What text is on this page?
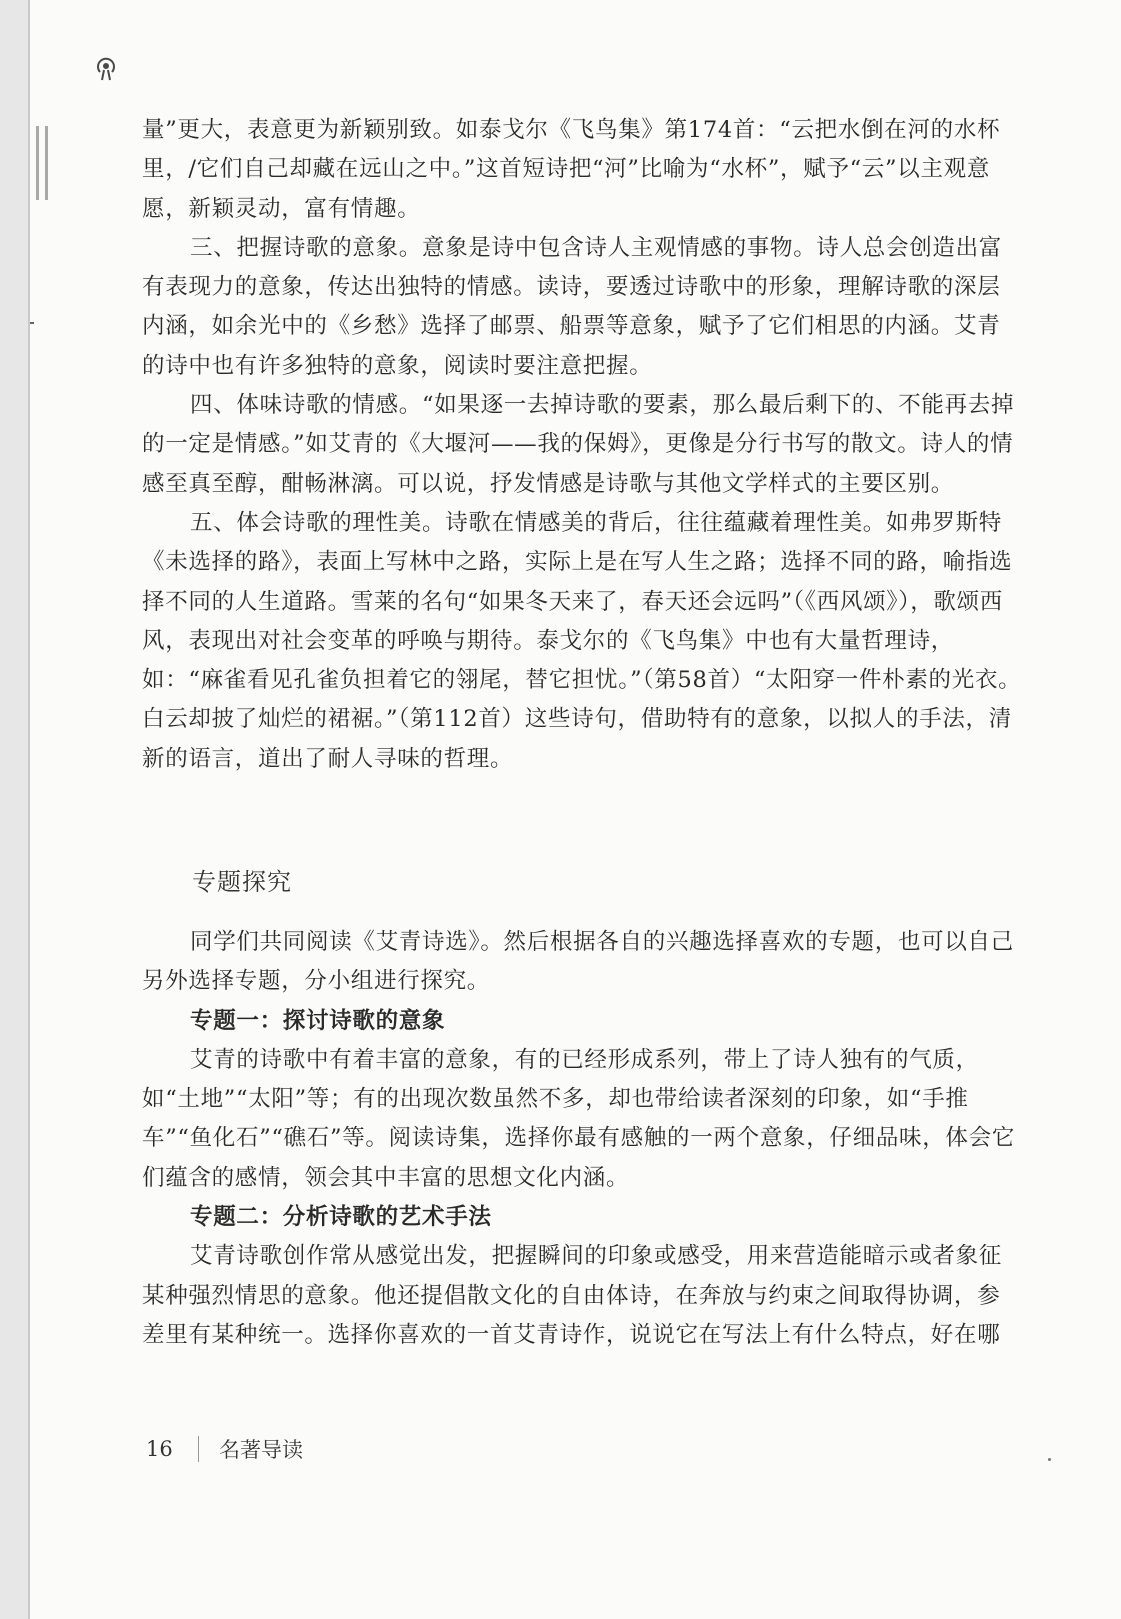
量”更大，表意更为新颖别致。如泰戈尔《飞鸟集》第174首：“云把水倒在河的水杯里，/它们自己却藏在远山之中。”这首短诗把“河”比喻为“水杯”，赋予“云”以主观意愿，新颖灵动，富有情趣。

三、把握诗歌的意象。意象是诗中包含诗人主观情感的事物。诗人总会创造出富有表现力的意象，传达出独特的情感。读诗，要透过诗歌中的形象，理解诗歌的深层内涵，如余光中的《乡愁》选择了邮票、船票等意象，赋予了它们相思的内涵。艾青的诗中也有许多独特的意象，阅读时要注意把握。

四、体味诗歌的情感。“如果逐一去掉诗歌的要素，那么最后剩下的、不能再去掉的一定是情感。”如艾青的《大堰河——我的保姆》，更像是分行书写的散文。诗人的情感至真至醇，酣畅淋漓。可以说，抒发情感是诗歌与其他文学样式的主要区别。

五、体会诗歌的理性美。诗歌在情感美的背后，往往蕴藏着理性美。如弗罗斯特《未选择的路》，表面上写林中之路，实际上是在写人生之路；选择不同的路，喻指选择不同的人生道路。雪莱的名句“如果冬天来了，春天还会远吗”（《西风颂》），歌颂西风，表现出对社会变革的呼唤与期待。泰戈尔的《飞鸟集》中也有大量哲理诗，如：“麻雀看见孔雀负担着它的翎尾，替它担忧。”（第58首）“太阳穿一件朴素的光衣。白云却披了灿烂的裙裾。”（第112首）这些诗句，借助特有的意象，以拟人的手法，清新的语言，道出了耐人寻味的哲理。

专题探究

同学们共同阅读《艾青诗选》。然后根据各自的兴趣选择喜欢的专题，也可以自己另外选择专题，分小组进行探究。

专题一：探讨诗歌的意象

艾青的诗歌中有着丰富的意象，有的已经形成系列，带上了诗人独有的气质，如“土地”“太阳”等；有的出现次数虽然不多，却也带给读者深刻的印象，如“手推车”“鱼化石”“礁石”等。阅读诗集，选择你最有感触的一两个意象，仔细品味，体会它们蕴含的感情，领会其中丰富的思想文化内涵。

专题二：分析诗歌的艺术手法

艾青诗歌创作常从感觉出发，把握瞬间的印象或感受，用来营造能暗示或者象征某种强烈情思的意象。他还提倡散文化的自由体诗，在奔放与约束之间取得协调，参差里有某种统一。选择你喜欢的一首艾青诗作，说说它在写法上有什么特点，好在哪

16	名著导读
